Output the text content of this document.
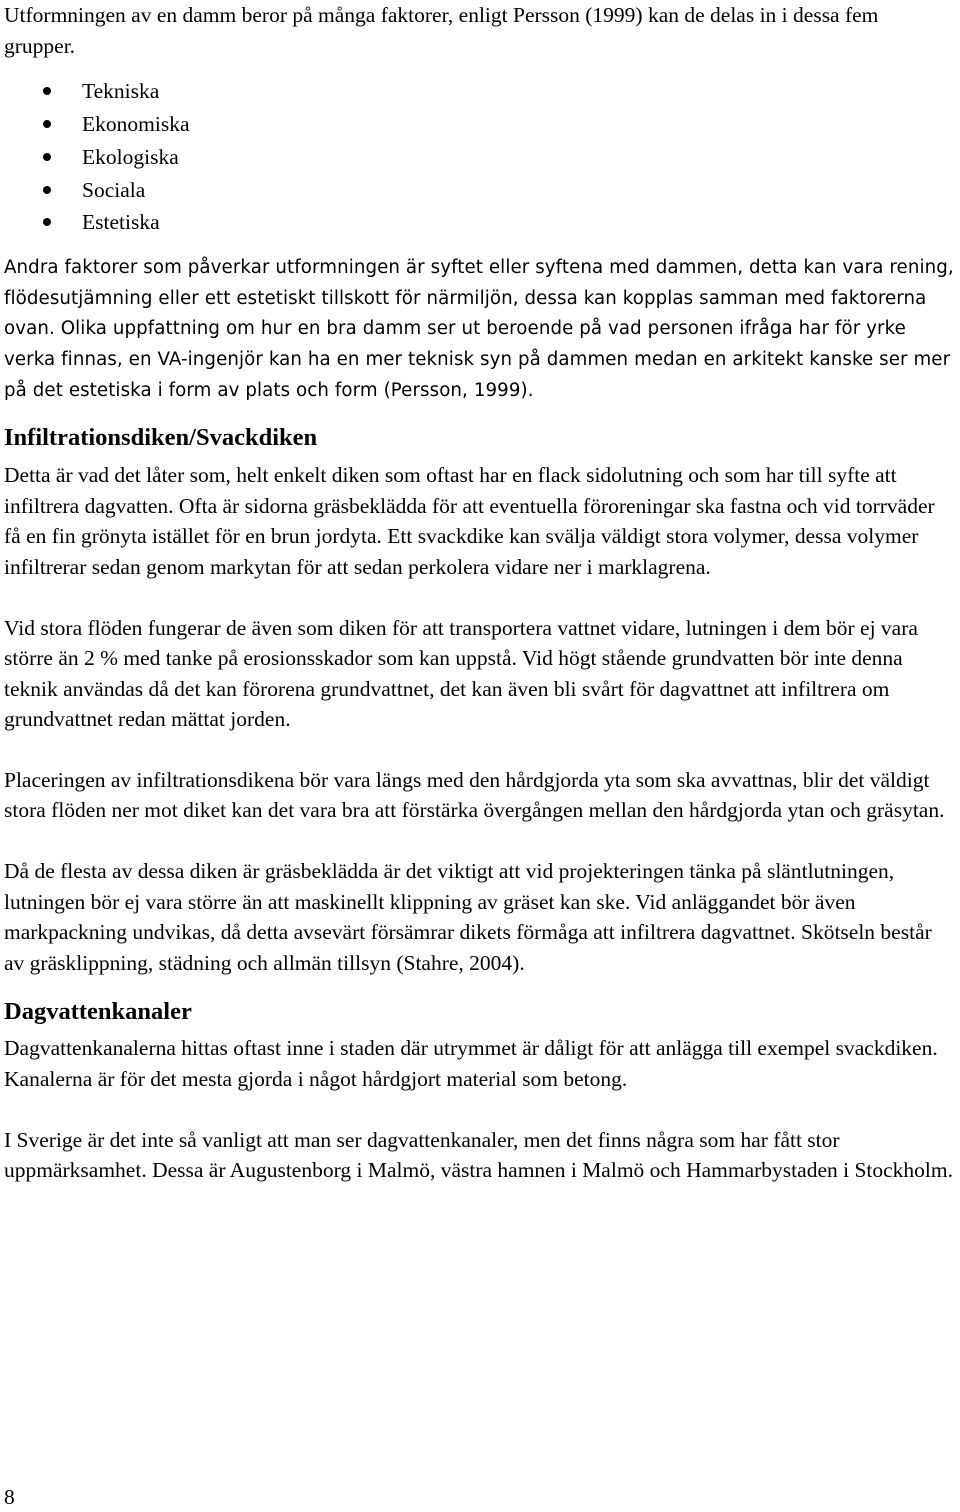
Utformningen av en damm beror på många faktorer, enligt Persson (1999) kan de delas in i dessa fem grupper.

Tekniska
Ekonomiska
Ekologiska
Sociala
Estetiska

Andra faktorer som påverkar utformningen är syftet eller syftena med dammen, detta kan vara rening, flödesutjämning eller ett estetiskt tillskott för närmiljön, dessa kan kopplas samman med faktorerna ovan. Olika uppfattning om hur en bra damm ser ut beroende på vad personen ifråga har för yrke verka finnas, en VA-ingenjör kan ha en mer teknisk syn på dammen medan en arkitekt kanske ser mer på det estetiska i form av plats och form (Persson, 1999).

Infiltrationsdiken/Svackdiken

Detta är vad det låter som, helt enkelt diken som oftast har en flack sidolutning och som har till syfte att infiltrera dagvatten. Ofta är sidorna gräsbeklädda för att eventuella föroreningar ska fastna och vid torrväder få en fin grönyta istället för en brun jordyta. Ett svackdike kan svälja väldigt stora volymer, dessa volymer infiltrerar sedan genom markytan för att sedan perkolera vidare ner i marklagrena.

Vid stora flöden fungerar de även som diken för att transportera vattnet vidare, lutningen i dem bör ej vara större än 2 % med tanke på erosionsskador som kan uppstå. Vid högt stående grundvatten bör inte denna teknik användas då det kan förorena grundvattnet, det kan även bli svårt för dagvattnet att infiltrera om grundvattnet redan mättat jorden.

Placeringen av infiltrationsdikena bör vara längs med den hårdgjorda yta som ska avvattnas, blir det väldigt stora flöden ner mot diket kan det vara bra att förstärka övergången mellan den hårdgjorda ytan och gräsytan.

Då de flesta av dessa diken är gräsbeklädda är det viktigt att vid projekteringen tänka på släntlutningen, lutningen bör ej vara större än att maskinellt klippning av gräset kan ske. Vid anläggandet bör även markpackning undvikas, då detta avsevärt försämrar dikets förmåga att infiltrera dagvattnet. Skötseln består av gräsklippning, städning och allmän tillsyn (Stahre, 2004).

Dagvattenkanaler

Dagvattenkanalerna hittas oftast inne i staden där utrymmet är dåligt för att anlägga till exempel svackdiken. Kanalerna är för det mesta gjorda i något hårdgjort material som betong.

I Sverige är det inte så vanligt att man ser dagvattenkanaler, men det finns några som har fått stor uppmärksamhet. Dessa är Augustenborg i Malmö, västra hamnen i Malmö och Hammarbystaden i Stockholm.

8
